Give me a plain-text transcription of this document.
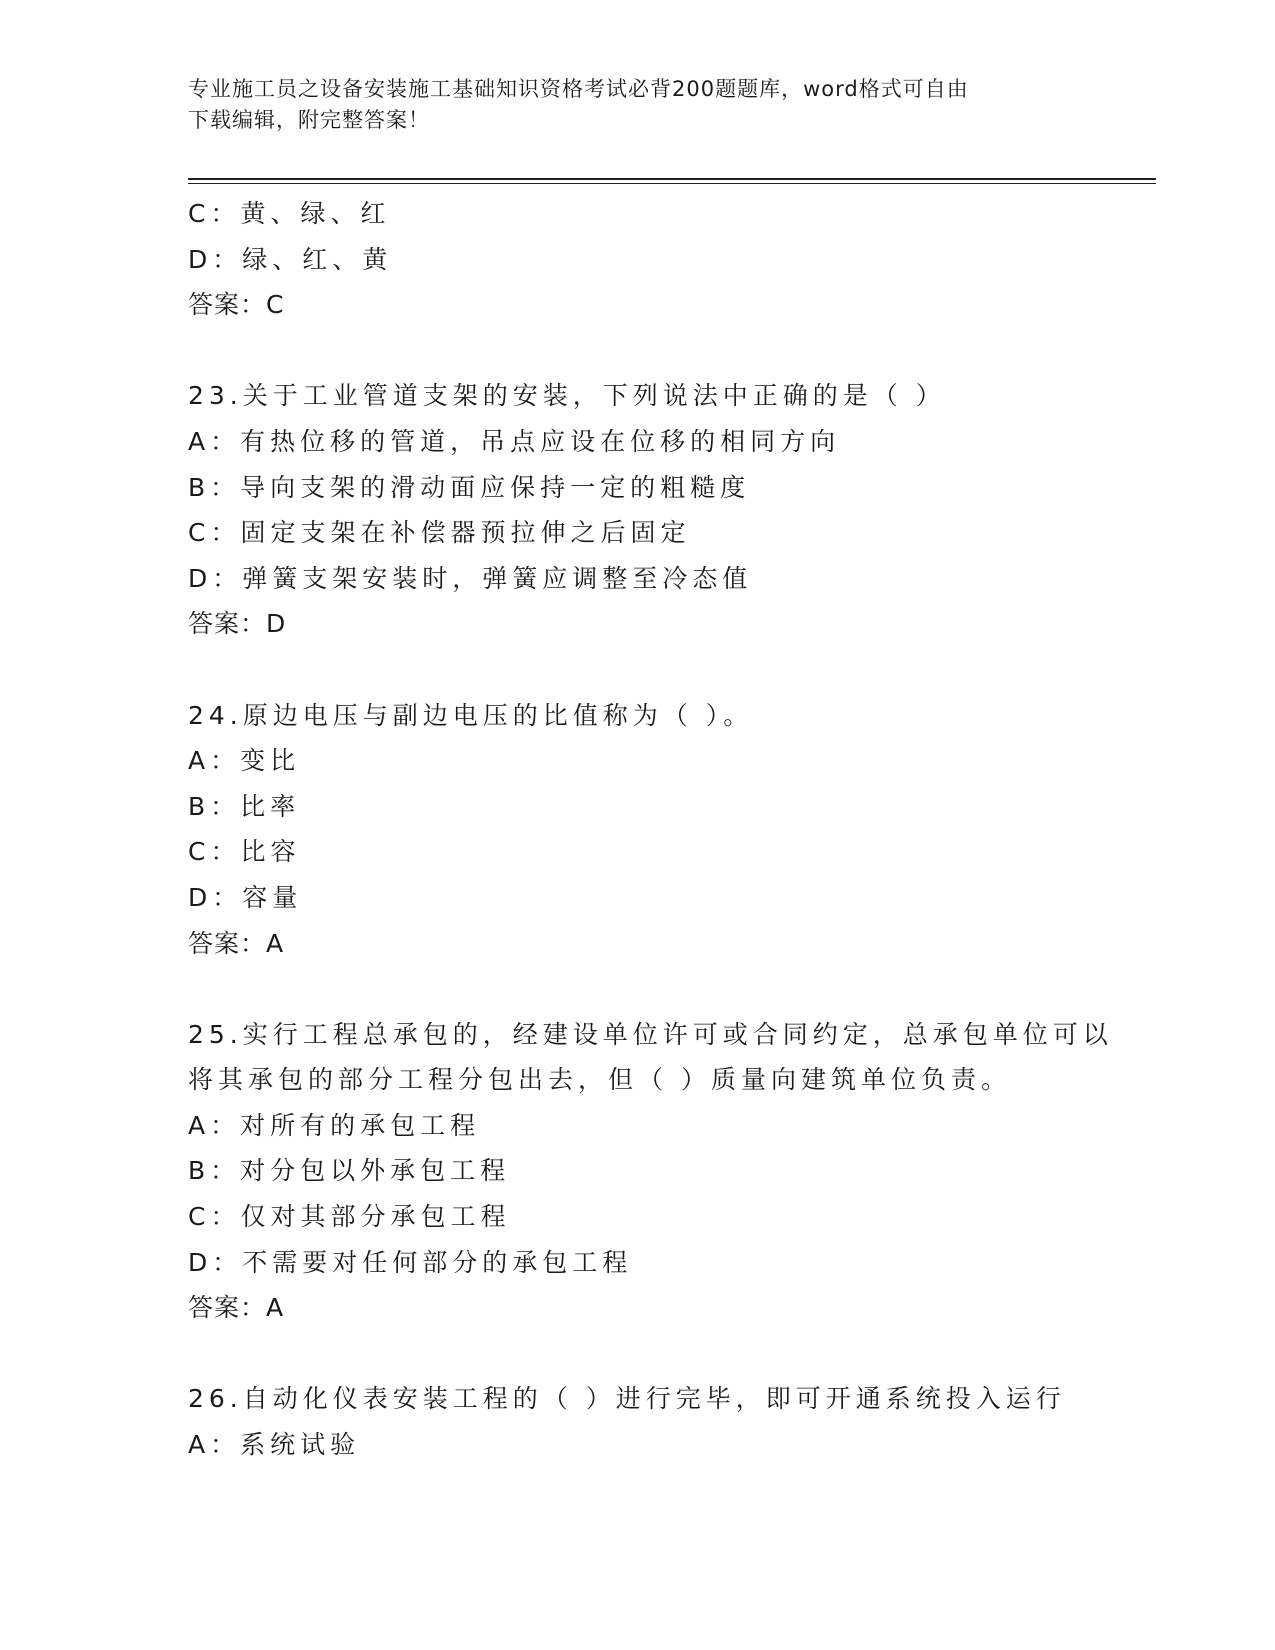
专业施工员之设备安装施工基础知识资格考试必背200题题库，word格式可自由
下载编辑，附完整答案！
C：黄、绿、红
D：绿、红、黄
答案：C
23.关于工业管道支架的安装，下列说法中正确的是（ ）
A：有热位移的管道，吊点应设在位移的相同方向
B：导向支架的滑动面应保持一定的粗糙度
C：固定支架在补偿器预拉伸之后固定
D：弹簧支架安装时，弹簧应调整至冷态值
答案：D
24.原边电压与副边电压的比值称为（ ）。
A：变比
B：比率
C：比容
D：容量
答案：A
25.实行工程总承包的，经建设单位许可或合同约定，总承包单位可以
将其承包的部分工程分包出去，但（ ）质量向建筑单位负责。
A：对所有的承包工程
B：对分包以外承包工程
C：仅对其部分承包工程
D：不需要对任何部分的承包工程
答案：A
26.自动化仪表安装工程的（ ）进行完毕，即可开通系统投入运行
A：系统试验
